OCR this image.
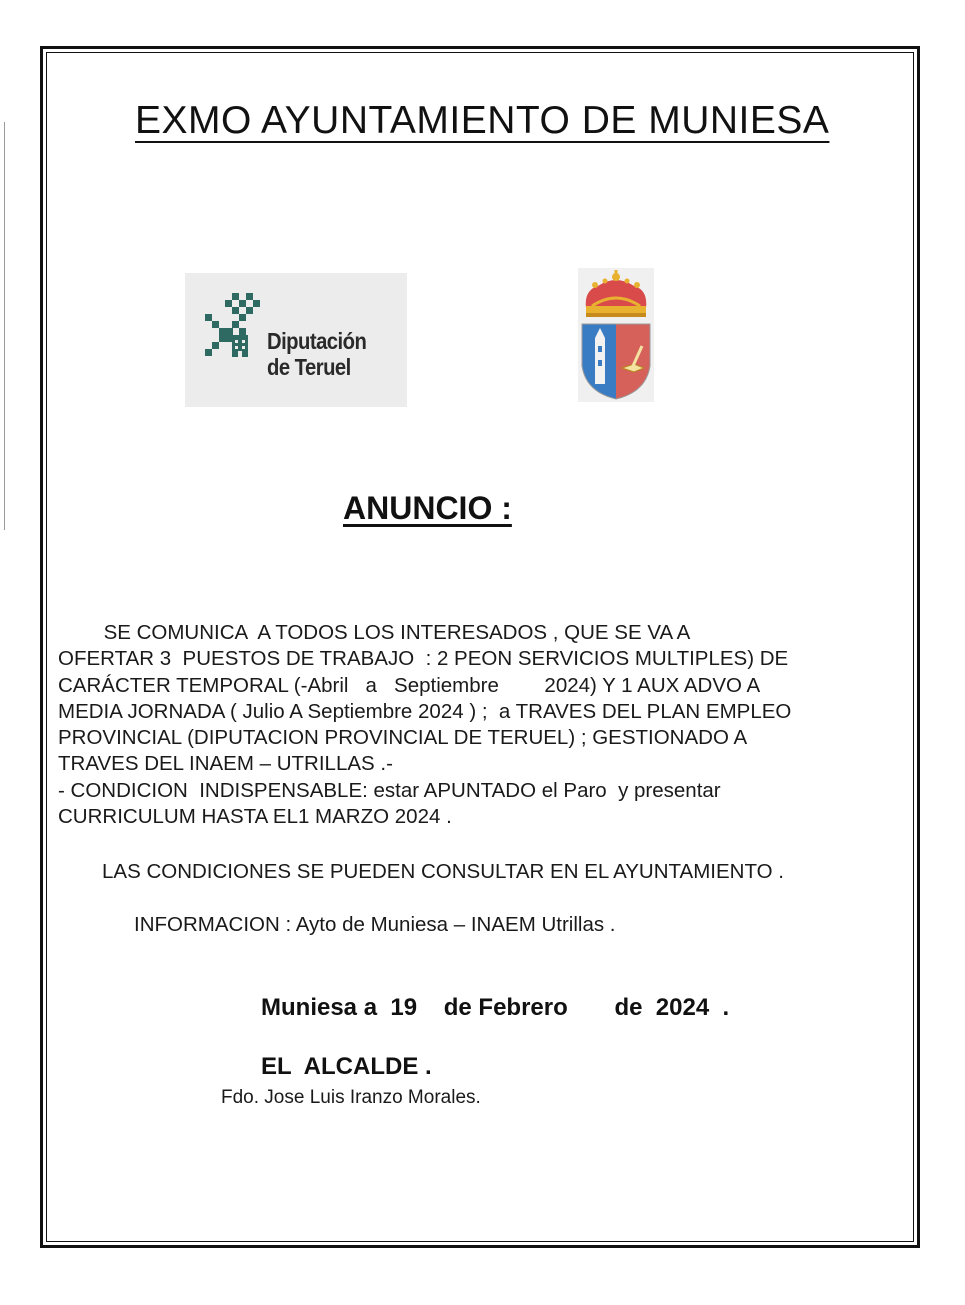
EXMO AYUNTAMIENTO DE MUNIESA
Diputación
de Teruel
ANUNCIO :

SE COMUNICA  A TODOS LOS INTERESADOS , QUE SE VA A
OFERTAR 3  PUESTOS DE TRABAJO  : 2 PEON SERVICIOS MULTIPLES) DE
CARÁCTER TEMPORAL (-Abril   a   Septiembre        2024) Y 1 AUX ADVO A
MEDIA JORNADA ( Julio A Septiembre 2024 ) ;  a TRAVES DEL PLAN EMPLEO
PROVINCIAL (DIPUTACION PROVINCIAL DE TERUEL) ; GESTIONADO A
TRAVES DEL INAEM – UTRILLAS .-
- CONDICION  INDISPENSABLE: estar APUNTADO el Paro  y presentar
CURRICULUM HASTA EL1 MARZO 2024 .

LAS CONDICIONES SE PUEDEN CONSULTAR EN EL AYUNTAMIENTO .

INFORMACION : Ayto de Muniesa – INAEM Utrillas .

Muniesa a  19    de Febrero       de  2024  .

EL  ALCALDE .

Fdo. Jose Luis Iranzo Morales.
